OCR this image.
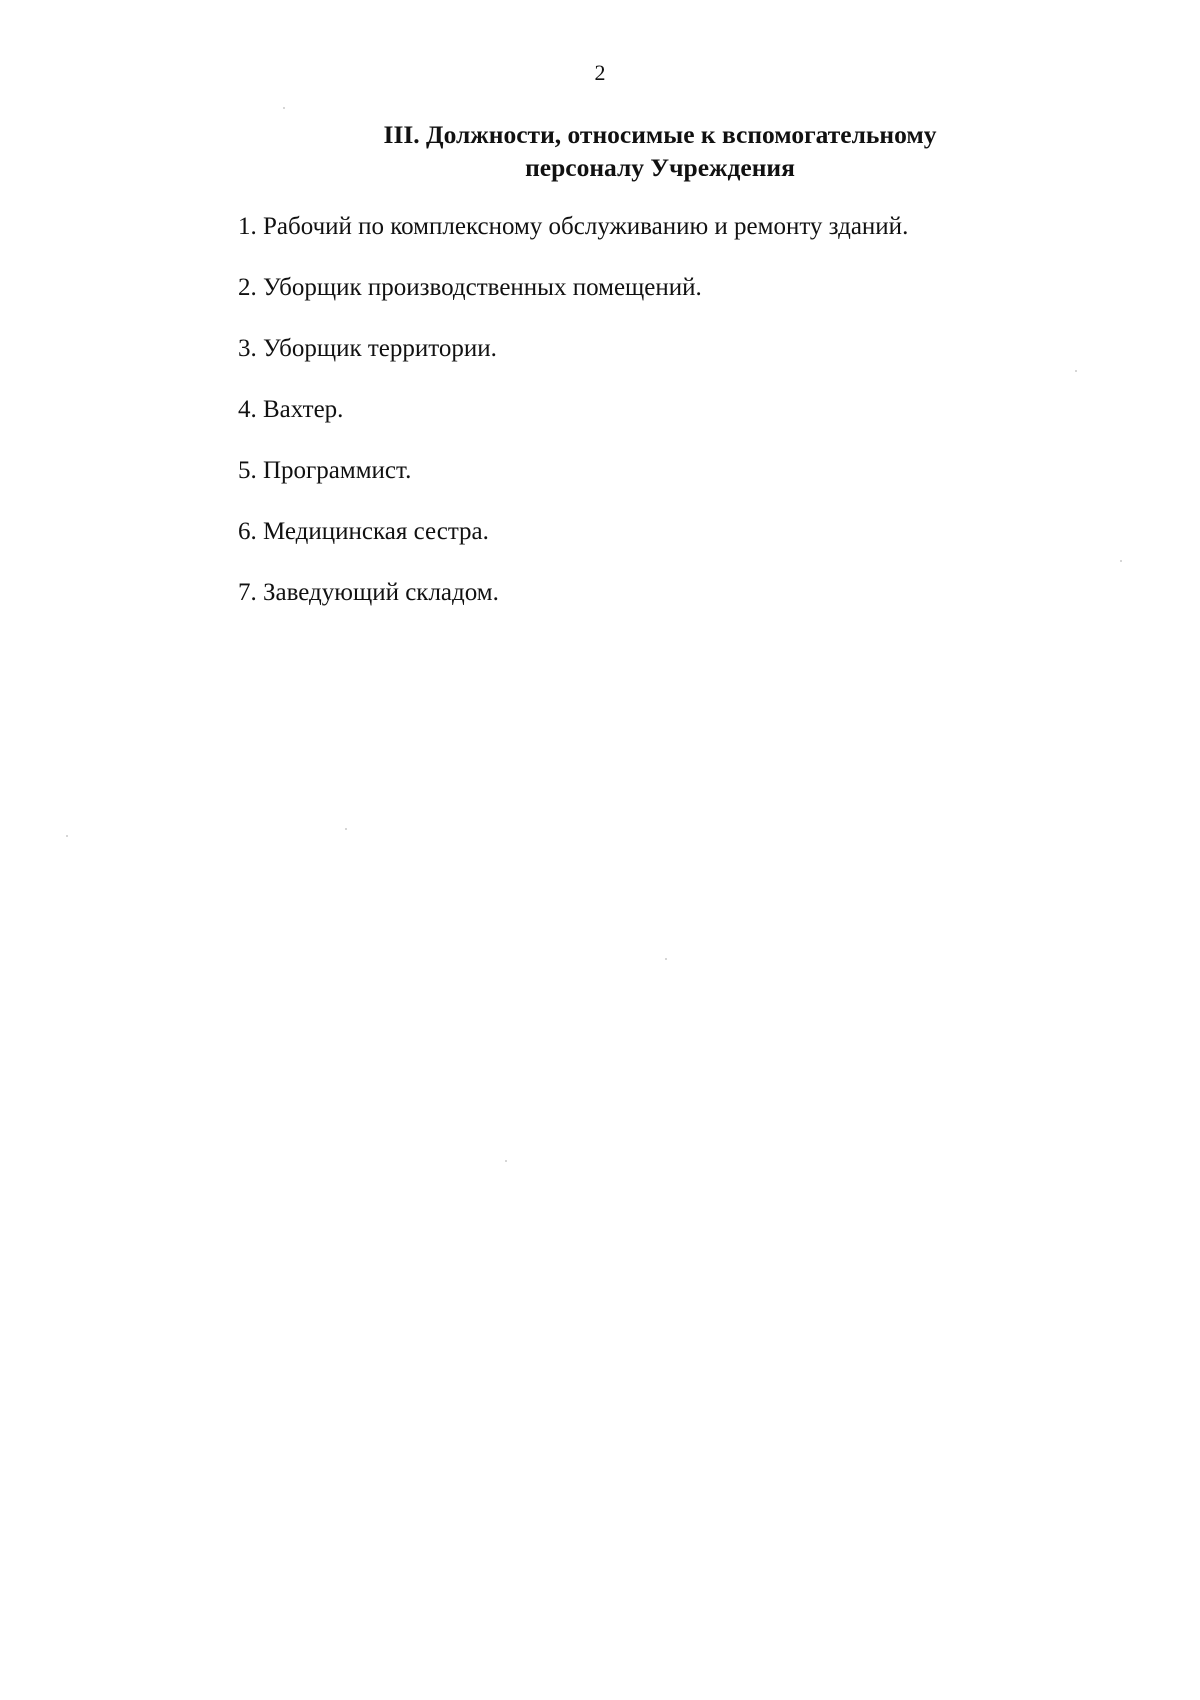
2
III. Должности, относимые к вспомогательному
персоналу Учреждения
1. Рабочий по комплексному обслуживанию и ремонту зданий.
2. Уборщик производственных помещений.
3. Уборщик территории.
4. Вахтер.
5. Программист.
6. Медицинская сестра.
7. Заведующий складом.
